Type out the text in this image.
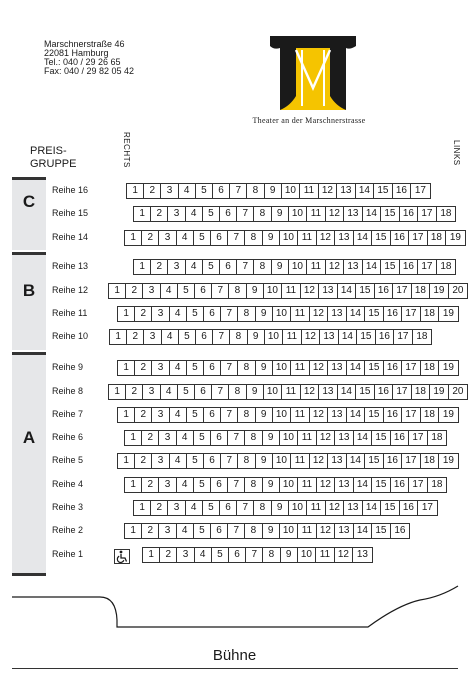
Marschnerstraße 46
22081 Hamburg
Tel.: 040 / 29 26 65
Fax: 040 / 29 82 05 42
Theater an der Marschnerstrasse
PREIS-
GRUPPE	RECHTS	LINKS
C
B
A
Reihe 16	1	2	3	4	5	6	7	8	9 10 11 12 13 14 15 16 17
Reihe 15	1	2	3	4	5	6	7	8	9 10 11 12 13 14 15 16 17 18
Reihe 14	1	2	3	4	5	6	7	8	9 10 11 12 13 14 15 16 17 18 19
Reihe 13	1	2	3	4	5	6	7	8	9 10 11 12 13 14 15 16 17 18
Reihe 12	1	2	3	4	5	6	7	8	9 10 11 12 13 14 15 16 17 18 19 20
Reihe 11	1	2	3	4	5	6	7	8	9 10 11 12 13 14 15 16 17 18 19
Reihe 10	1	2	3	4	5	6	7	8	9 10 11 12 13 14 15 16 17 18
Reihe 9	1	2	3	4	5	6	7	8	9 10 11 12 13 14 15 16 17 18 19
Reihe 8	1	2	3	4	5	6	7	8	9 10 11 12 13 14 15 16 17 18 19 20
Reihe 7	1	2	3	4	5	6	7	8	9 10 11 12 13 14 15 16 17 18 19
Reihe 6	1	2	3	4	5	6	7	8	9 10 11 12 13 14 15 16 17 18
Reihe 5	1	2	3	4	5	6	7	8	9 10 11 12 13 14 15 16 17 18 19
Reihe 4	1	2	3	4	5	6	7	8	9 10 11 12 13 14 15 16 17 18
Reihe 3	1	2	3	4	5	6	7	8	9 10 11 12 13 14 15 16 17
Reihe 2	1	2	3	4	5	6	7	8	9 10 11 12 13 14 15 16
Reihe 1	1	2	3	4	5	6	7	8	9 10 11 12 13
Bühne
